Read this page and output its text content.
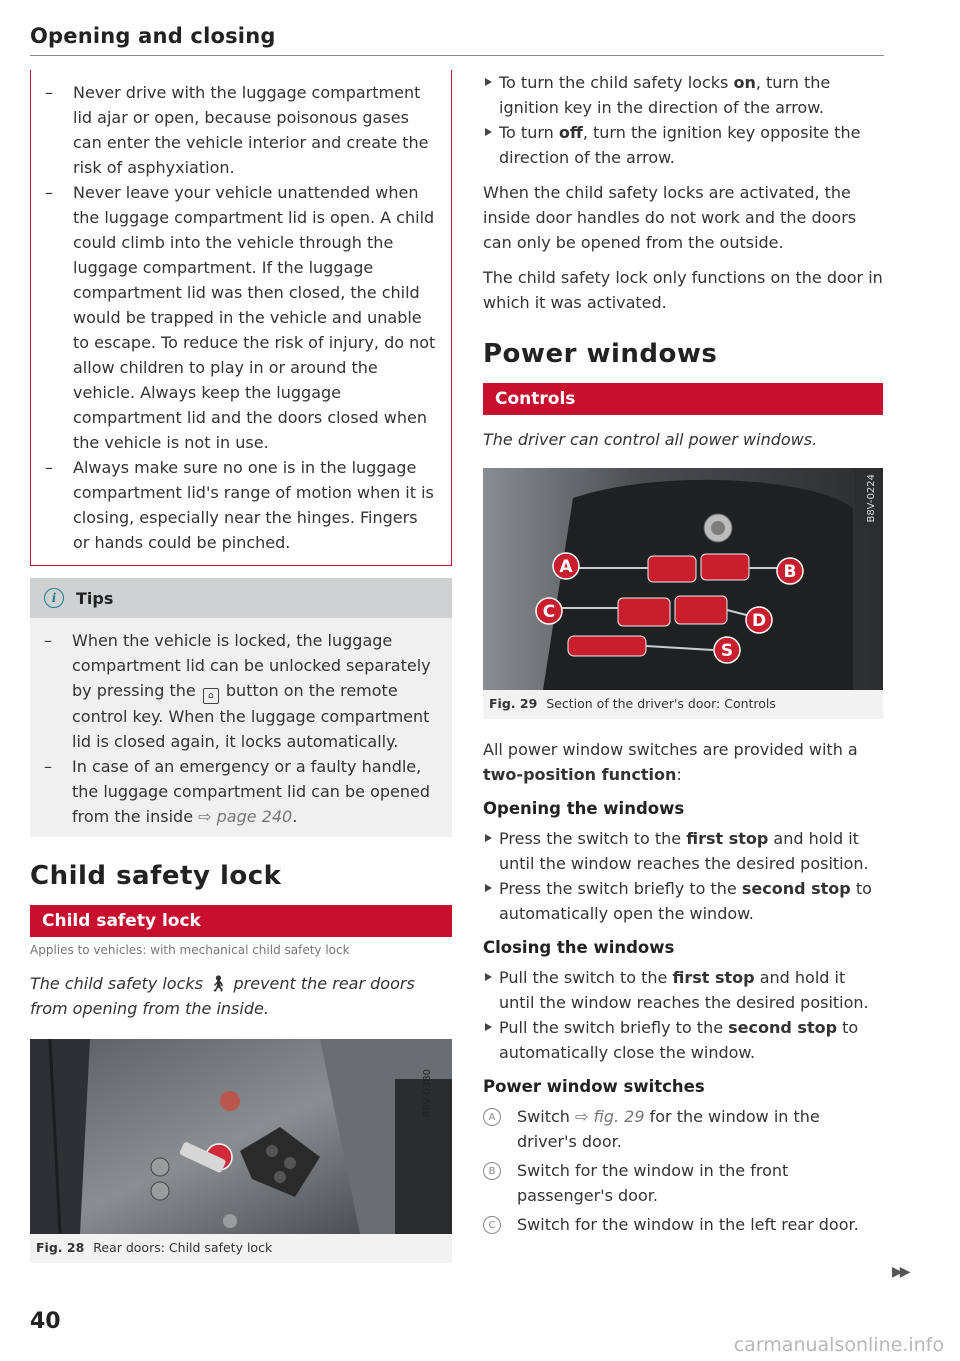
Opening and closing
– Never drive with the luggage compartment lid ajar or open, because poisonous gases can enter the vehicle interior and create the risk of asphyxiation.
– Never leave your vehicle unattended when the luggage compartment lid is open. A child could climb into the vehicle through the luggage compartment. If the luggage compartment lid was then closed, the child would be trapped in the vehicle and unable to escape. To reduce the risk of injury, do not allow children to play in or around the vehicle. Always keep the luggage compartment lid and the doors closed when the vehicle is not in use.
– Always make sure no one is in the luggage compartment lid's range of motion when it is closing, especially near the hinges. Fingers or hands could be pinched.
i	Tips
– When the vehicle is locked, the luggage compartment lid can be unlocked separately by pressing the ⌂ button on the remote control key. When the luggage compartment lid is closed again, it locks automatically.
– In case of an emergency or a faulty handle, the luggage compartment lid can be opened from the inside ⇨ page 240.
Child safety lock
Child safety lock
Applies to vehicles: with mechanical child safety lock
The child safety locks 🚶︎ prevent the rear doors from opening from the inside.
B8V-0380
Fig. 28 Rear doors: Child safety lock
To turn the child safety locks on, turn the ignition key in the direction of the arrow.
To turn off, turn the ignition key opposite the direction of the arrow.

When the child safety locks are activated, the inside door handles do not work and the doors can only be opened from the outside.

The child safety lock only functions on the door in which it was activated.

Power windows
Controls
The driver can control all power windows.
A	B
C	D
S
B8V-0224
Fig. 29 Section of the driver's door: Controls

All power window switches are provided with a two-position function:

Opening the windows
Press the switch to the first stop and hold it until the window reaches the desired position.
Press the switch briefly to the second stop to automatically open the window.
Closing the windows
Pull the switch to the first stop and hold it until the window reaches the desired position.
Pull the switch briefly to the second stop to automatically close the window.
Power window switches
A	Switch ⇨ fig. 29 for the window in the driver's door.
B	Switch for the window in the front passenger's door.
C	Switch for the window in the left rear door.
▶▶
40
carmanualsonline.info
